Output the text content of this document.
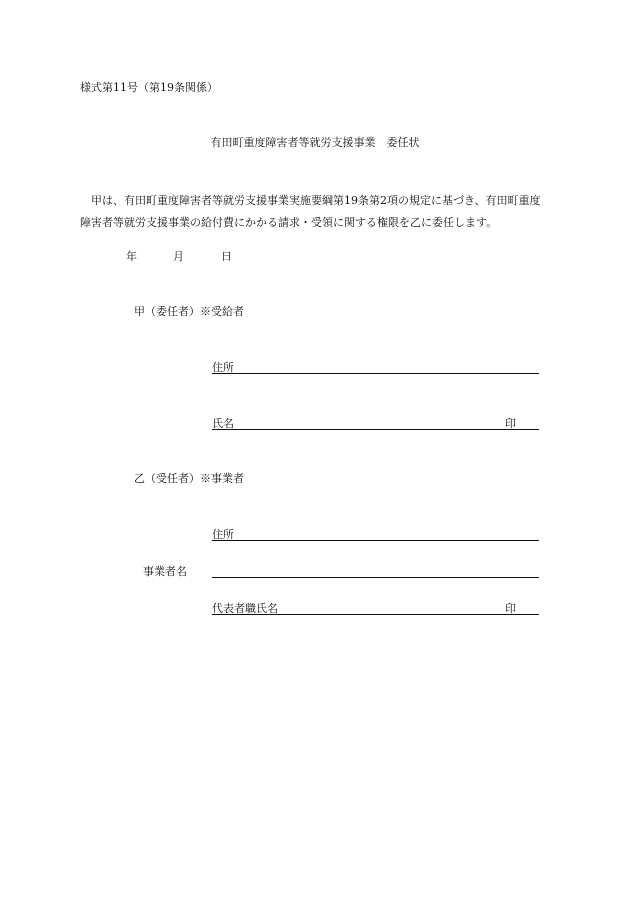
様式第11号（第19条関係）
有田町重度障害者等就労支援事業　委任状
甲は、有田町重度障害者等就労支援事業実施要綱第19条第2項の規定に基づき、有田町重度障害者等就労支援事業の給付費にかかる請求・受領に関する権限を乙に委任します。
年	月	日
甲（委任者）※受給者
住所
氏名	印
乙（受任者）※事業者
住所
事業者名
代表者職氏名	印
